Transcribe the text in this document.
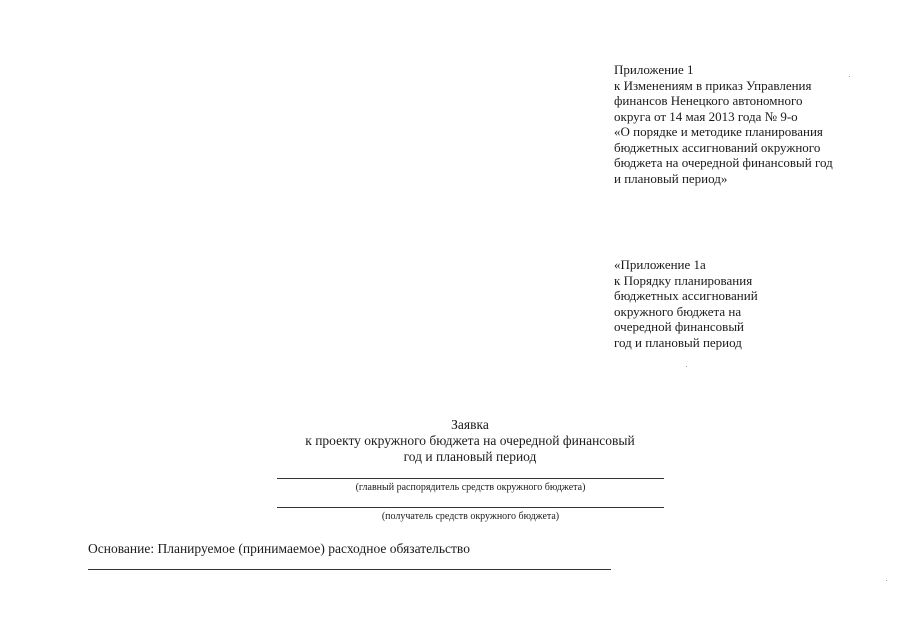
Приложение 1
к Изменениям в приказ Управления
финансов Ненецкого автономного
округа от 14 мая 2013 года № 9-о
«О порядке и методике планирования
бюджетных ассигнований окружного
бюджета на очередной финансовый год
и плановый период»
«Приложение 1а
к Порядку планирования
бюджетных ассигнований
окружного бюджета на
очередной финансовый
год и плановый период
Заявка
к проекту окружного бюджета на очередной финансовый
год и плановый период
(главный распорядитель средств окружного бюджета)
(получатель средств окружного бюджета)
Основание: Планируемое (принимаемое) расходное обязательство
